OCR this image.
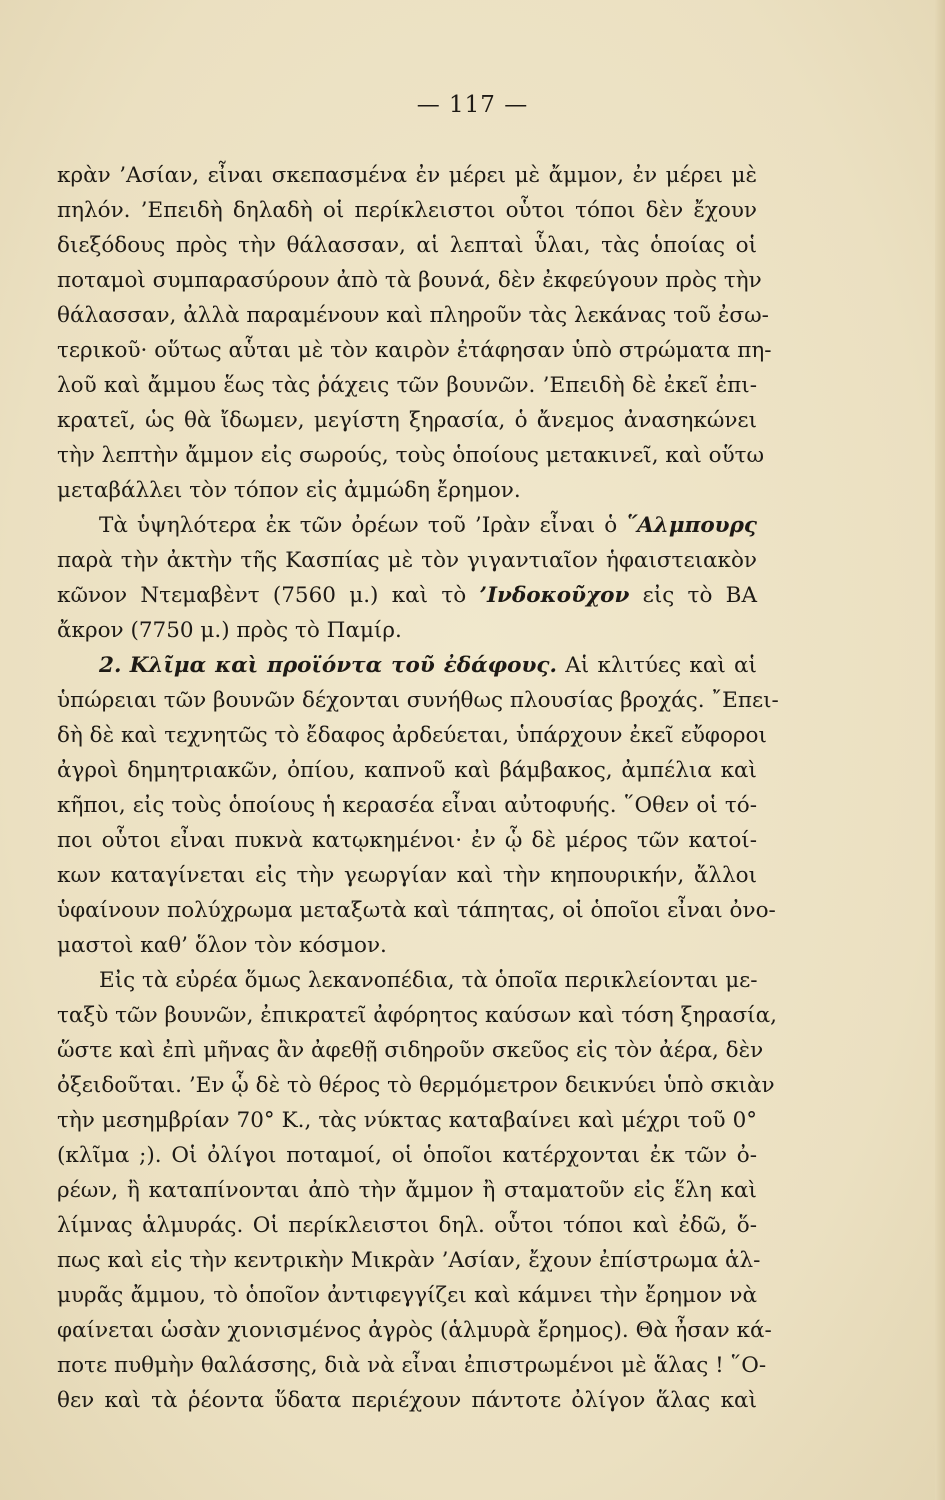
— 117 —
κρὰν ’Ασίαν, εἶναι σκεπασμένα ἐν μέρει μὲ ἄμμον, ἐν μέρει μὲ
πηλόν. ’Επειδὴ δηλαδὴ οἱ περίκλειστοι οὗτοι τόποι δὲν ἔχουν
διεξόδους πρὸς τὴν θάλασσαν, αἱ λεπταὶ ὗλαι, τὰς ὁποίας οἱ
ποταμοὶ συμπαρασύρουν ἀπὸ τὰ βουνά, δὲν ἐκφεύγουν πρὸς τὴν
θάλασσαν, ἀλλὰ παραμένουν καὶ πληροῦν τὰς λεκάνας τοῦ ἐσω-
τερικοῦ· οὕτως αὗται μὲ τὸν καιρὸν ἐτάφησαν ὑπὸ στρώματα πη-
λοῦ καὶ ἄμμου ἕως τὰς ῥάχεις τῶν βουνῶν. ’Επειδὴ δὲ ἐκεῖ ἐπι-
κρατεῖ, ὡς θὰ ἴδωμεν, μεγίστη ξηρασία, ὁ ἄνεμος ἀνασηκώνει
τὴν λεπτὴν ἄμμον εἰς σωρούς, τοὺς ὁποίους μετακινεῖ, καὶ οὕτω
μεταβάλλει τὸν τόπον εἰς ἀμμώδη ἔρημον.
Τὰ ὑψηλότερα ἐκ τῶν ὀρέων τοῦ ’Ιρὰν εἶναι ὁ ῞Αλμπουρς
παρὰ τὴν ἀκτὴν τῆς Κασπίας μὲ τὸν γιγαντιαῖον ἡφαιστειακὸν
κῶνον Ντεμαβὲντ (7560 μ.) καὶ τὸ ’Ινδοκοῦχον εἰς τὸ ΒΑ
ἄκρον (7750 μ.) πρὸς τὸ Παμίρ.
2. Κλῖμα καὶ προϊόντα τοῦ ἐδάφους. Αἱ κλιτύες καὶ αἱ
ὑπώρειαι τῶν βουνῶν δέχονται συνήθως πλουσίας βροχάς. ῎Επει-
δὴ δὲ καὶ τεχνητῶς τὸ ἔδαφος ἀρδεύεται, ὑπάρχουν ἐκεῖ εὔφοροι
ἀγροὶ δημητριακῶν, ὀπίου, καπνοῦ καὶ βάμβακος, ἀμπέλια καὶ
κῆποι, εἰς τοὺς ὁποίους ἡ κερασέα εἶναι αὐτοφυής. ῞Οθεν οἱ τό-
ποι οὗτοι εἶναι πυκνὰ κατῳκημένοι· ἐν ᾧ δὲ μέρος τῶν κατοί-
κων καταγίνεται εἰς τὴν γεωργίαν καὶ τὴν κηπουρικήν, ἄλλοι
ὑφαίνουν πολύχρωμα μεταξωτὰ καὶ τάπητας, οἱ ὁποῖοι εἶναι ὀνο-
μαστοὶ καθ’ ὅλον τὸν κόσμον.
Εἰς τὰ εὐρέα ὅμως λεκανοπέδια, τὰ ὁποῖα περικλείονται με-
ταξὺ τῶν βουνῶν, ἐπικρατεῖ ἀφόρητος καύσων καὶ τόση ξηρασία,
ὥστε καὶ ἐπὶ μῆνας ἂν ἀφεθῇ σιδηροῦν σκεῦος εἰς τὸν ἀέρα, δὲν
ὀξειδοῦται. ’Εν ᾧ δὲ τὸ θέρος τὸ θερμόμετρον δεικνύει ὑπὸ σκιὰν
τὴν μεσημβρίαν 70° Κ., τὰς νύκτας καταβαίνει καὶ μέχρι τοῦ 0°
(κλῖμα ;). Οἱ ὀλίγοι ποταμοί, οἱ ὁποῖοι κατέρχονται ἐκ τῶν ὀ-
ρέων, ἢ καταπίνονται ἀπὸ τὴν ἄμμον ἢ σταματοῦν εἰς ἕλη καὶ
λίμνας ἁλμυράς. Οἱ περίκλειστοι δηλ. οὗτοι τόποι καὶ ἐδῶ, ὅ-
πως καὶ εἰς τὴν κεντρικὴν Μικρὰν ’Ασίαν, ἔχουν ἐπίστρωμα ἁλ-
μυρᾶς ἄμμου, τὸ ὁποῖον ἀντιφεγγίζει καὶ κάμνει τὴν ἔρημον νὰ
φαίνεται ὡσὰν χιονισμένος ἀγρὸς (ἁλμυρὰ ἔρημος). Θὰ ἦσαν κά-
ποτε πυθμὴν θαλάσσης, διὰ νὰ εἶναι ἐπιστρωμένοι μὲ ἅλας ! ῞Ο-
θεν καὶ τὰ ῥέοντα ὕδατα περιέχουν πάντοτε ὀλίγον ἅλας καὶ
